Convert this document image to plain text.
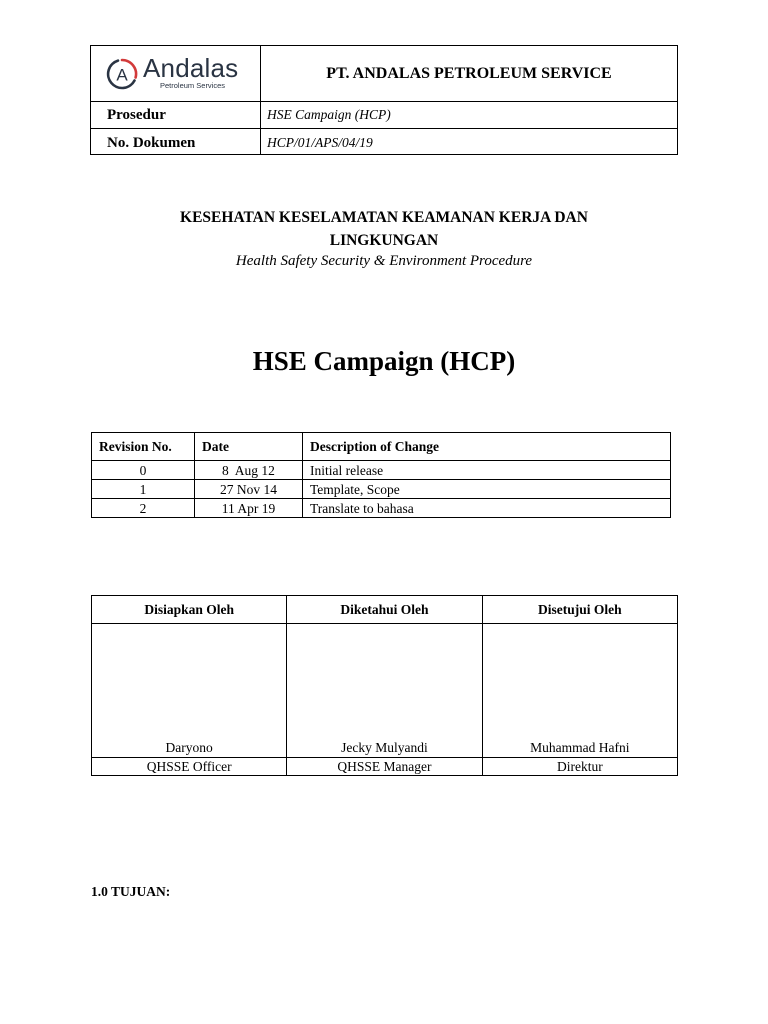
A Andalas
Petroleum Services
PT. ANDALAS PETROLEUM SERVICE
Prosedur	HSE Campaign (HCP)
No. Dokumen	HCP/01/APS/04/19
KESEHATAN KESELAMATAN KEAMANAN KERJA DAN
LINGKUNGAN
Health Safety Security & Environment Procedure
HSE Campaign (HCP)
Revision No.	Date	Description of Change
0	8  Aug 12	Initial release
1	27 Nov 14	Template, Scope
2	11 Apr 19	Translate to bahasa
Disiapkan Oleh	Diketahui Oleh	Disetujui Oleh
Daryono	Jecky Mulyandi	Muhammad Hafni
QHSSE Officer	QHSSE Manager	Direktur
1.0 TUJUAN:
